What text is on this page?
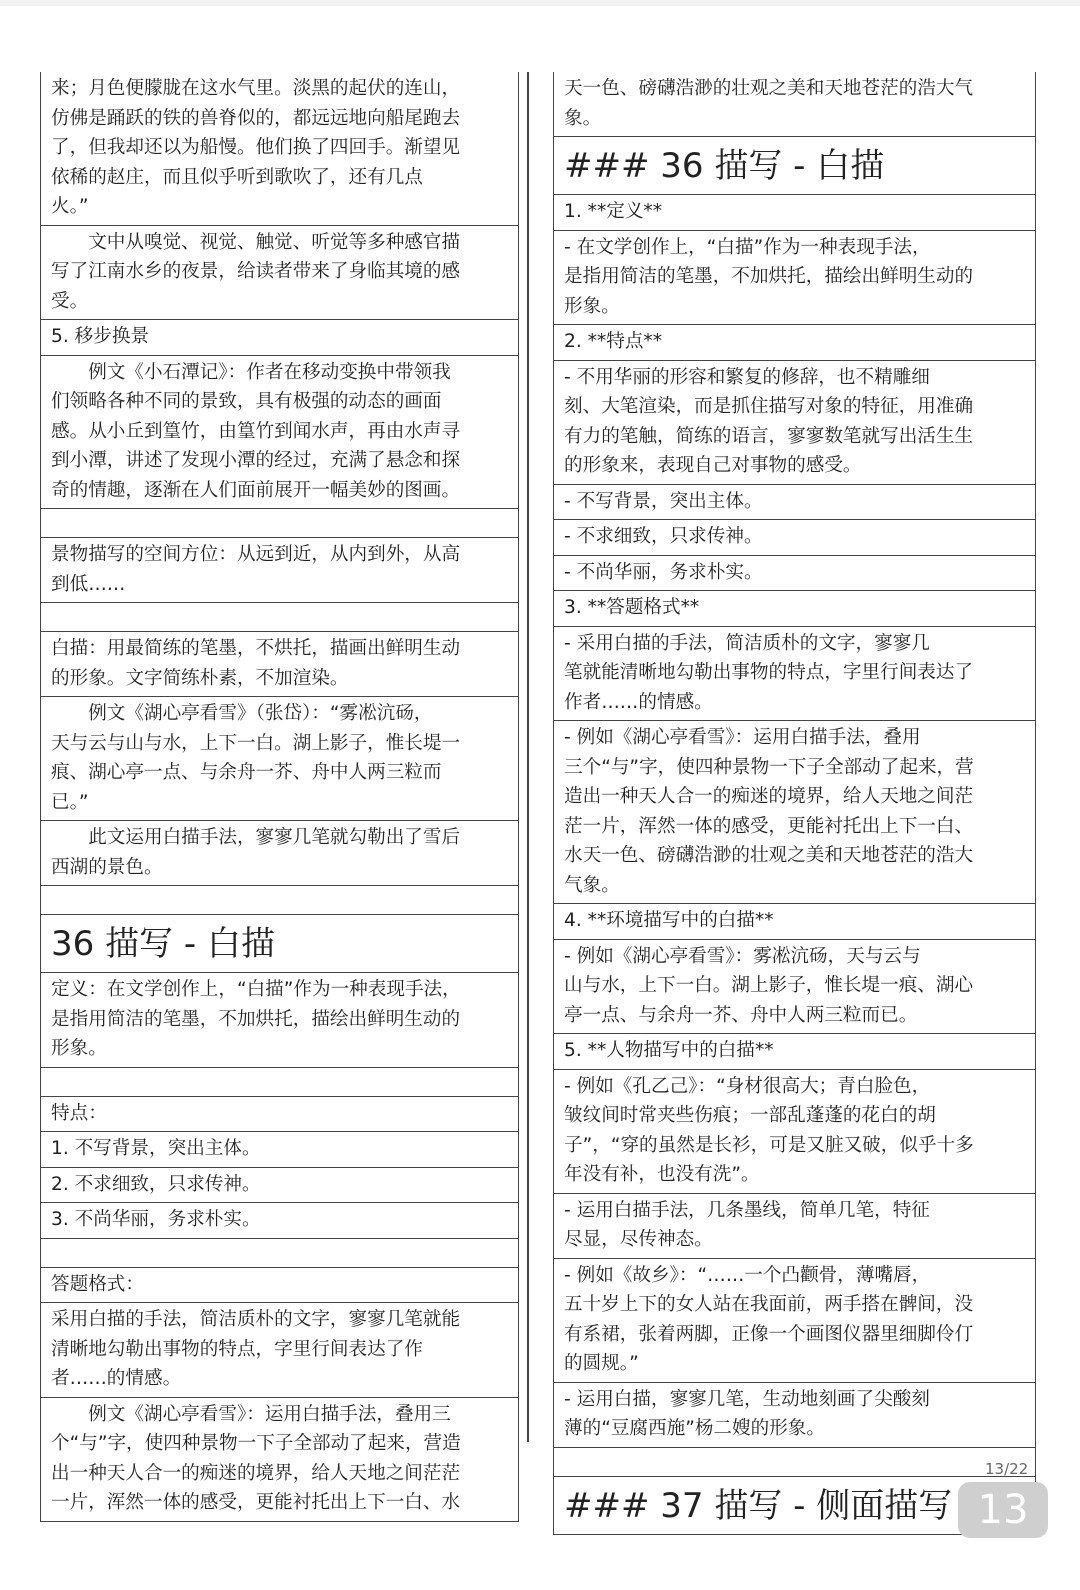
来；月色便朦胧在这水气里。淡黑的起伏的连山，
仿佛是踊跃的铁的兽脊似的，都远远地向船尾跑去
了，但我却还以为船慢。他们换了四回手。渐望见
依稀的赵庄，而且似乎听到歌吹了，还有几点
火。”
文中从嗅觉、视觉、触觉、听觉等多种感官描
写了江南水乡的夜景，给读者带来了身临其境的感
受。
5. 移步换景
例文《小石潭记》：作者在移动变换中带领我
们领略各种不同的景致，具有极强的动态的画面
感。从小丘到篁竹，由篁竹到闻水声，再由水声寻
到小潭，讲述了发现小潭的经过，充满了悬念和探
奇的情趣，逐渐在人们面前展开一幅美妙的图画。
景物描写的空间方位：从远到近，从内到外，从高
到低……
白描：用最简练的笔墨，不烘托，描画出鲜明生动
的形象。文字简练朴素，不加渲染。
例文《湖心亭看雪》（张岱）：“雾凇沆砀，
天与云与山与水，上下一白。湖上影子，惟长堤一
痕、湖心亭一点、与余舟一芥、舟中人两三粒而
已。”
此文运用白描手法，寥寥几笔就勾勒出了雪后
西湖的景色。
36 描写 - 白描
定义：在文学创作上，“白描”作为一种表现手法，
是指用简洁的笔墨，不加烘托，描绘出鲜明生动的
形象。
特点：
1. 不写背景，突出主体。
2. 不求细致，只求传神。
3. 不尚华丽，务求朴实。
答题格式：
采用白描的手法，简洁质朴的文字，寥寥几笔就能
清晰地勾勒出事物的特点，字里行间表达了作
者……的情感。
例文《湖心亭看雪》：运用白描手法，叠用三
个“与”字，使四种景物一下子全部动了起来，营造
出一种天人合一的痴迷的境界，给人天地之间茫茫
一片，浑然一体的感受，更能衬托出上下一白、水
天一色、磅礴浩渺的壮观之美和天地苍茫的浩大气
象。
### 36 描写 - 白描
1. **定义**
- 在文学创作上，“白描”作为一种表现手法，
是指用简洁的笔墨，不加烘托，描绘出鲜明生动的
形象。
2. **特点**
- 不用华丽的形容和繁复的修辞，也不精雕细
刻、大笔渲染，而是抓住描写对象的特征，用准确
有力的笔触，简练的语言，寥寥数笔就写出活生生
的形象来，表现自己对事物的感受。
- 不写背景，突出主体。
- 不求细致，只求传神。
- 不尚华丽，务求朴实。
3. **答题格式**
- 采用白描的手法，简洁质朴的文字，寥寥几
笔就能清晰地勾勒出事物的特点，字里行间表达了
作者……的情感。
- 例如《湖心亭看雪》：运用白描手法，叠用
三个“与”字，使四种景物一下子全部动了起来，营
造出一种天人合一的痴迷的境界，给人天地之间茫
茫一片，浑然一体的感受，更能衬托出上下一白、
水天一色、磅礴浩渺的壮观之美和天地苍茫的浩大
气象。
4. **环境描写中的白描**
- 例如《湖心亭看雪》：雾凇沆砀，天与云与
山与水，上下一白。湖上影子，惟长堤一痕、湖心
亭一点、与余舟一芥、舟中人两三粒而已。
5. **人物描写中的白描**
- 例如《孔乙己》：“身材很高大；青白脸色，
皱纹间时常夹些伤痕；一部乱蓬蓬的花白的胡
子”，“穿的虽然是长衫，可是又脏又破，似乎十多
年没有补，也没有洗”。
- 运用白描手法，几条墨线，简单几笔，特征
尽显，尽传神态。
- 例如《故乡》：“……一个凸颧骨，薄嘴唇，
五十岁上下的女人站在我面前，两手搭在髀间，没
有系裙，张着两脚，正像一个画图仪器里细脚伶仃
的圆规。”
- 运用白描，寥寥几笔，生动地刻画了尖酸刻
薄的“豆腐西施”杨二嫂的形象。
### 37 描写 - 侧面描写
13/22
13
